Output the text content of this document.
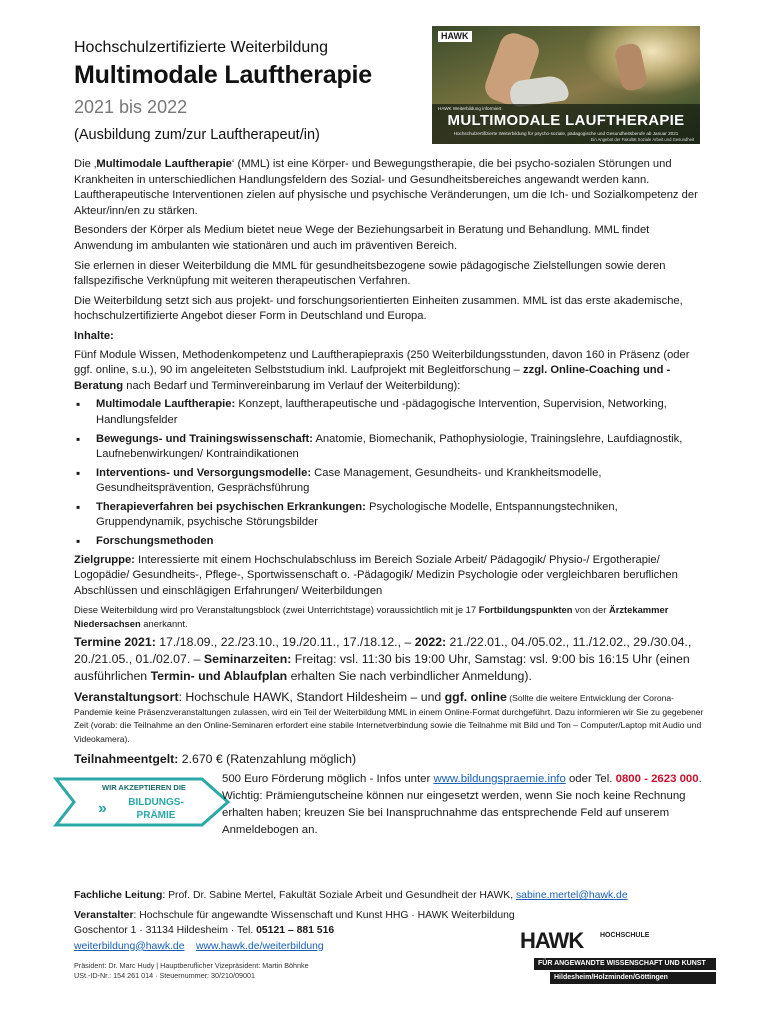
Hochschulzertifizierte Weiterbildung
Multimodale Lauftherapie
2021 bis 2022
(Ausbildung zum/zur Lauftherapeut/in)
HAWK
HAWK Weiterbildung informiert
MULTIMODALE LAUFTHERAPIE
Hochschulzertifizierte Weiterbildung für psycho-soziale, pädagogische und Gesundheitsberufe ab Januar 2021
Ein Angebot der Fakultät Soziale Arbeit und Gesundheit

Die ‚Multimodale Lauftherapie‘ (MML) ist eine Körper- und Bewegungstherapie, die bei psycho-sozialen Störungen und Krankheiten in unterschiedlichen Handlungsfeldern des Sozial- und Gesundheitsbereiches angewandt werden kann. Lauftherapeutische Interventionen zielen auf physische und psychische Veränderungen, um die Ich- und Sozialkompetenz der Akteur/inn/en zu stärken.

Besonders der Körper als Medium bietet neue Wege der Beziehungsarbeit in Beratung und Behandlung. MML findet Anwendung im ambulanten wie stationären und auch im präventiven Bereich.

Sie erlernen in dieser Weiterbildung die MML für gesundheitsbezogene sowie pädagogische Zielstellungen sowie deren fallspezifische Verknüpfung mit weiteren therapeutischen Verfahren.

Die Weiterbildung setzt sich aus projekt- und forschungsorientierten Einheiten zusammen. MML ist das erste akademische, hochschulzertifizierte Angebot dieser Form in Deutschland und Europa.

Inhalte:

Fünf Module Wissen, Methodenkompetenz und Lauftherapiepraxis (250 Weiterbildungsstunden, davon 160 in Präsenz (oder ggf. online, s.u.), 90 im angeleiteten Selbststudium inkl. Laufprojekt mit Begleitforschung – zzgl. Online-Coaching und -Beratung nach Bedarf und Terminvereinbarung im Verlauf der Weiterbildung):

▪ Multimodale Lauftherapie: Konzept, lauftherapeutische und -pädagogische Intervention, Supervision, Networking, Handlungsfelder
▪ Bewegungs- und Trainingswissenschaft: Anatomie, Biomechanik, Pathophysiologie, Trainingslehre, Laufdiagnostik, Laufnebenwirkungen/ Kontraindikationen
▪ Interventions- und Versorgungsmodelle: Case Management, Gesundheits- und Krankheitsmodelle, Gesundheitsprävention, Gesprächsführung
▪ Therapieverfahren bei psychischen Erkrankungen: Psychologische Modelle, Entspannungstechniken, Gruppendynamik, psychische Störungsbilder
▪ Forschungsmethoden

Zielgruppe: Interessierte mit einem Hochschulabschluss im Bereich Soziale Arbeit/ Pädagogik/ Physio-/ Ergotherapie/ Logopädie/ Gesundheits-, Pflege-, Sportwissenschaft o. -Pädagogik/ Medizin Psychologie oder vergleichbaren beruflichen Abschlüssen und einschlägigen Erfahrungen/ Weiterbildungen

Diese Weiterbildung wird pro Veranstaltungsblock (zwei Unterrichtstage) voraussichtlich mit je 17 Fortbildungspunkten von der Ärztekammer Niedersachsen anerkannt.

Termine 2021: 17./18.09., 22./23.10., 19./20.11., 17./18.12., – 2022: 21./22.01., 04./05.02., 11./12.02., 29./30.04., 20./21.05., 01./02.07. – Seminarzeiten: Freitag: vsl. 11:30 bis 19:00 Uhr, Samstag: vsl. 9:00 bis 16:15 Uhr (einen ausführlichen Termin- und Ablaufplan erhalten Sie nach verbindlicher Anmeldung).

Veranstaltungsort: Hochschule HAWK, Standort Hildesheim – und ggf. online (Sollte die weitere Entwicklung der Corona-Pandemie keine Präsenzveranstaltungen zulassen, wird ein Teil der Weiterbildung MML in einem Online-Format durchgeführt. Dazu informieren wir Sie zu gegebener Zeit (vorab: die Teilnahme an den Online-Seminaren erfordert eine stabile Internetverbindung sowie die Teilnahme mit Bild und Ton – Computer/Laptop mit Audio und Videokamera).

Teilnahmeentgelt: 2.670 € (Ratenzahlung möglich)

WIR AKZEPTIEREN DIE
» BILDUNGS-
PRÄMIE
500 Euro Förderung möglich - Infos unter www.bildungspraemie.info oder Tel. 0800 - 2623 000. Wichtig: Prämiengutscheine können nur eingesetzt werden, wenn Sie noch keine Rechnung erhalten haben; kreuzen Sie bei Inanspruchnahme das entsprechende Feld auf unserem Anmeldebogen an.
Fachliche Leitung: Prof. Dr. Sabine Mertel, Fakultät Soziale Arbeit und Gesundheit der HAWK, sabine.mertel@hawk.de
Veranstalter: Hochschule für angewandte Wissenschaft und Kunst HHG · HAWK Weiterbildung
Goschentor 1 · 31134 Hildesheim · Tel. 05121 – 881 516
weiterbildung@hawk.de www.hawk.de/weiterbildung
Präsident: Dr. Marc Hudy | Hauptberuflicher Vizepräsident: Martin Böhnke
USt.-ID-Nr.: 154 261 014 · Steuernummer: 30/210/09001
HAWK HOCHSCHULE
FÜR ANGEWANDTE WISSENSCHAFT UND KUNST
Hildesheim/Holzminden/Göttingen
